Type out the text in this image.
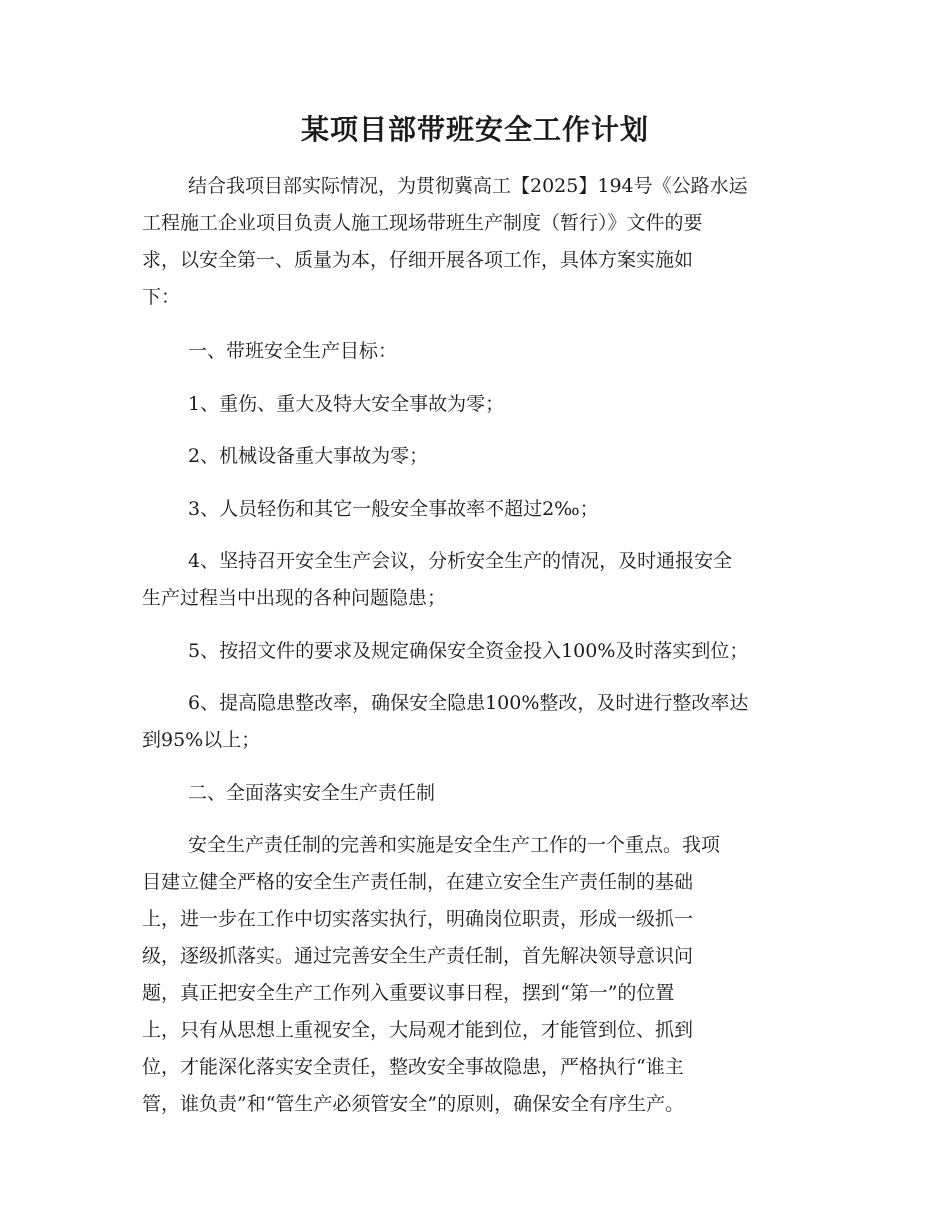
某项目部带班安全工作计划
结合我项目部实际情况，为贯彻冀高工【2025】194号《公路水运
工程施工企业项目负责人施工现场带班生产制度（暂行）》文件的要
求，以安全第一、质量为本，仔细开展各项工作，具体方案实施如
下：
一、带班安全生产目标：
1、重伤、重大及特大安全事故为零；
2、机械设备重大事故为零；
3、人员轻伤和其它一般安全事故率不超过2‰；
4、坚持召开安全生产会议，分析安全生产的情况，及时通报安全
生产过程当中出现的各种问题隐患；
5、按招文件的要求及规定确保安全资金投入100%及时落实到位；
6、提高隐患整改率，确保安全隐患100%整改，及时进行整改率达
到95%以上；
二、全面落实安全生产责任制
安全生产责任制的完善和实施是安全生产工作的一个重点。我项
目建立健全严格的安全生产责任制，在建立安全生产责任制的基础
上，进一步在工作中切实落实执行，明确岗位职责，形成一级抓一
级，逐级抓落实。通过完善安全生产责任制，首先解决领导意识问
题，真正把安全生产工作列入重要议事日程，摆到“第一”的位置
上，只有从思想上重视安全，大局观才能到位，才能管到位、抓到
位，才能深化落实安全责任，整改安全事故隐患，严格执行“谁主
管，谁负责”和“管生产必须管安全”的原则，确保安全有序生产。
